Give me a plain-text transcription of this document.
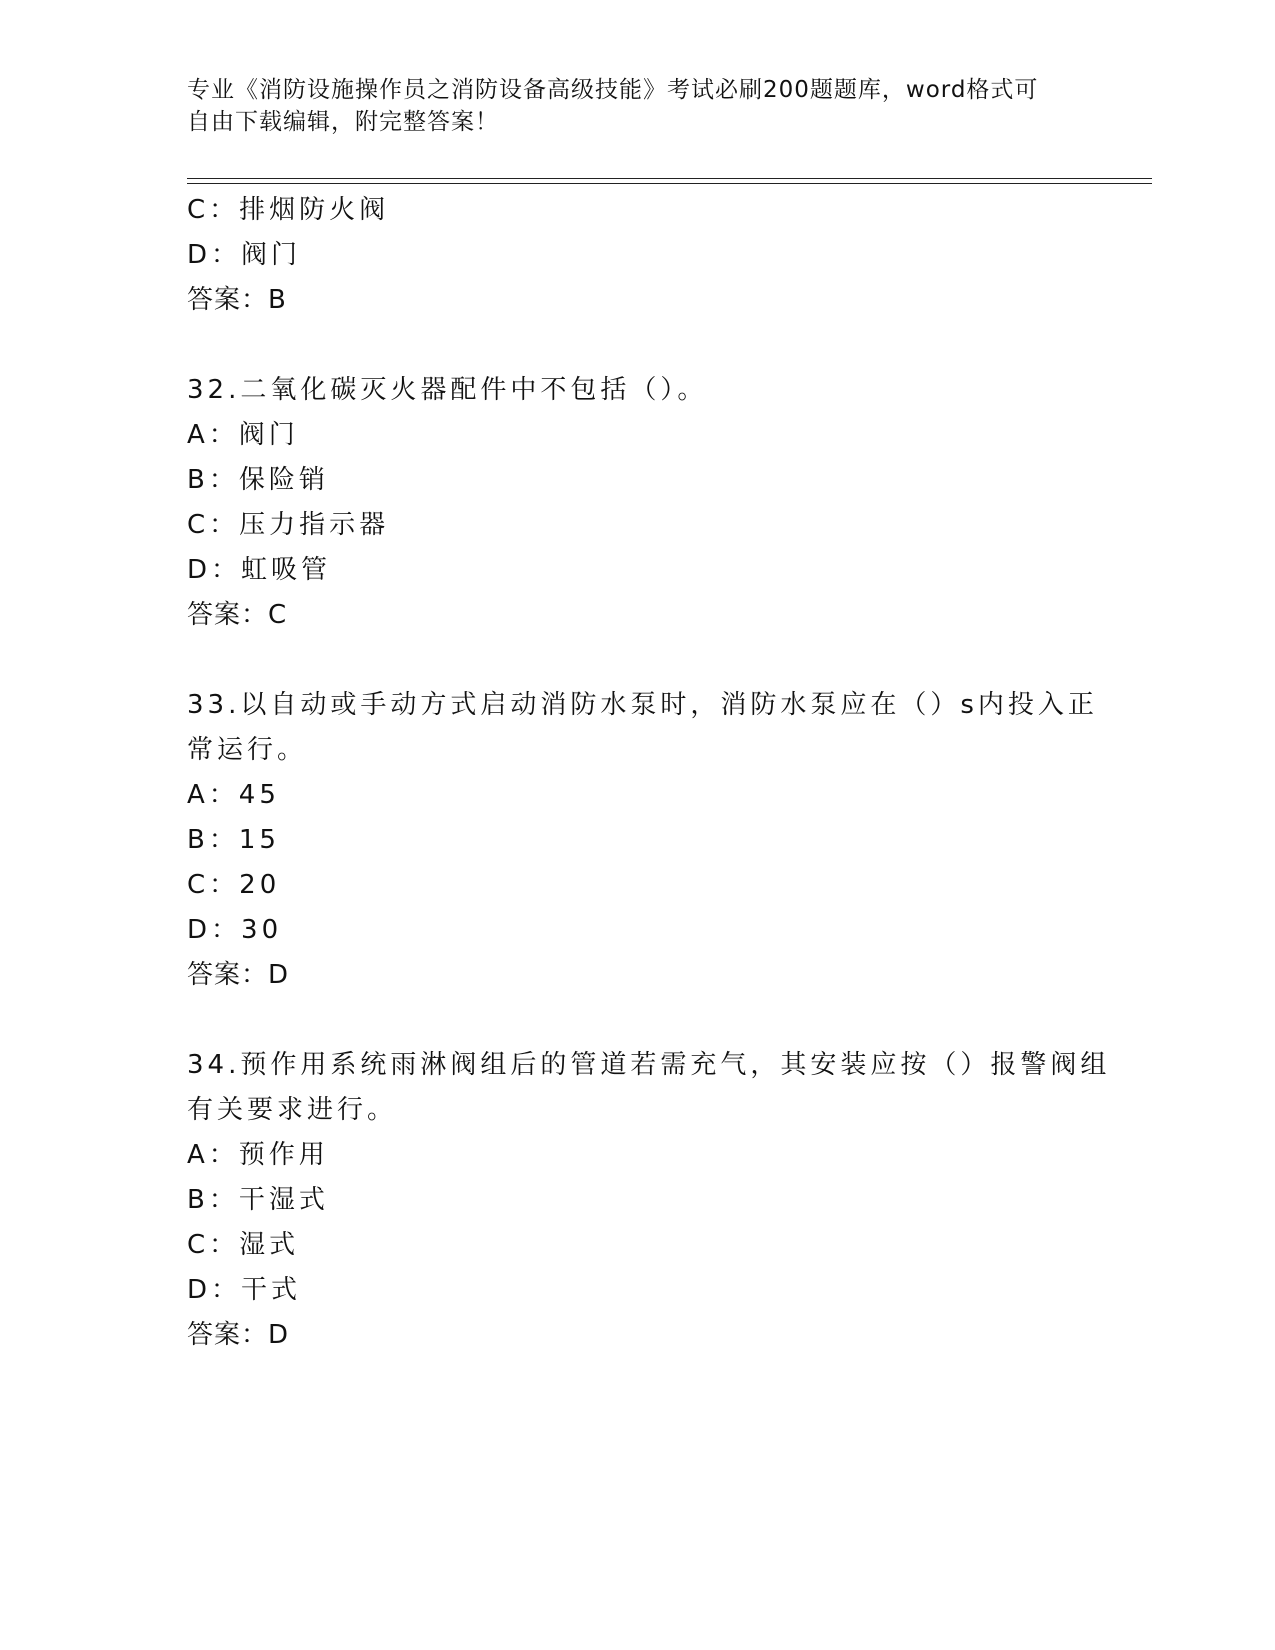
专业《消防设施操作员之消防设备高级技能》考试必刷200题题库，word格式可
自由下载编辑，附完整答案！
C：排烟防火阀
D：阀门
答案：B
32.二氧化碳灭火器配件中不包括（）。
A：阀门
B：保险销
C：压力指示器
D：虹吸管
答案：C
33.以自动或手动方式启动消防水泵时，消防水泵应在（）s内投入正
常运行。
A：45
B：15
C：20
D：30
答案：D
34.预作用系统雨淋阀组后的管道若需充气，其安装应按（）报警阀组
有关要求进行。
A：预作用
B：干湿式
C：湿式
D：干式
答案：D
